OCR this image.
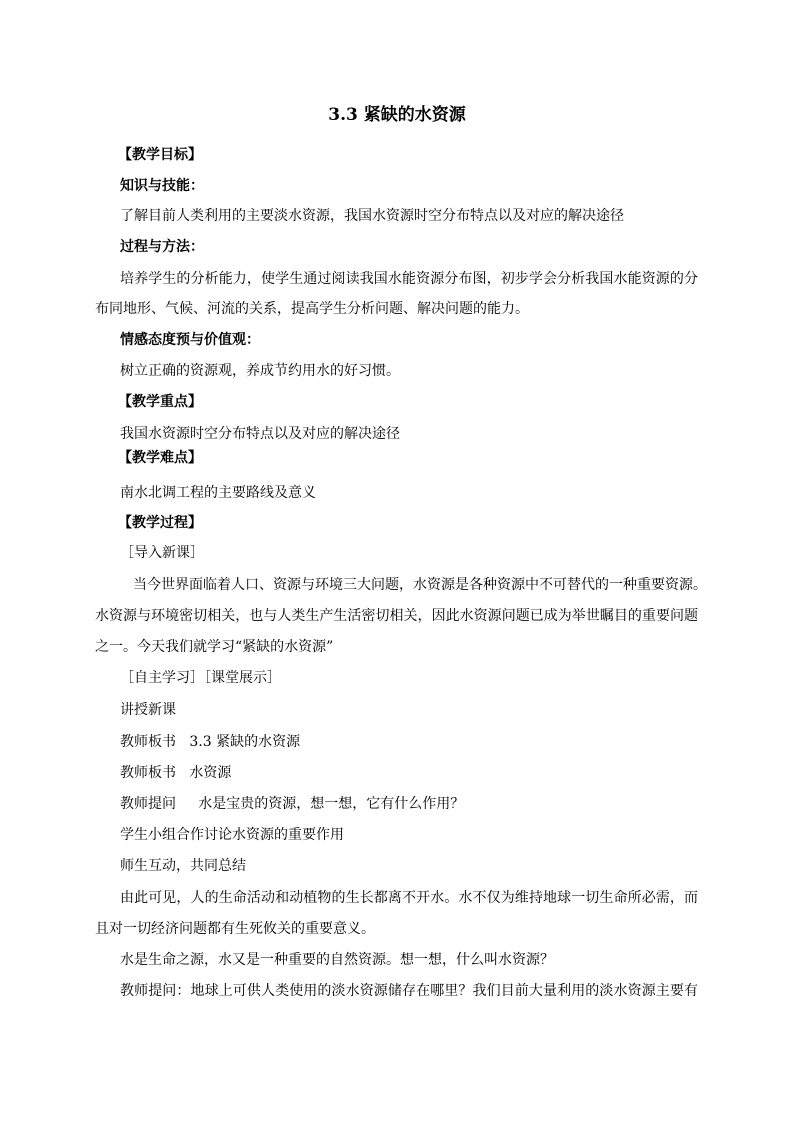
3.3 紧缺的水资源
【教学目标】
知识与技能：
了解目前人类利用的主要淡水资源，我国水资源时空分布特点以及对应的解决途径
过程与方法：
培养学生的分析能力，使学生通过阅读我国水能资源分布图，初步学会分析我国水能资源的分
布同地形、气候、河流的关系，提高学生分析问题、解决问题的能力。
情感态度预与价值观：
树立正确的资源观，养成节约用水的好习惯。
【教学重点】
我国水资源时空分布特点以及对应的解决途径
【教学难点】
南水北调工程的主要路线及意义
【教学过程】
［导入新课］
当今世界面临着人口、资源与环境三大问题，水资源是各种资源中不可替代的一种重要资源。
水资源与环境密切相关，也与人类生产生活密切相关，因此水资源问题已成为举世瞩目的重要问题
之一。今天我们就学习“紧缺的水资源”
［自主学习］［课堂展示］
讲授新课
教师板书   3.3 紧缺的水资源
教师板书   水资源
教师提问     水是宝贵的资源，想一想，它有什么作用？
学生小组合作讨论水资源的重要作用
师生互动，共同总结
由此可见，人的生命活动和动植物的生长都离不开水。水不仅为维持地球一切生命所必需，而
且对一切经济问题都有生死攸关的重要意义。
水是生命之源，水又是一种重要的自然资源。想一想，什么叫水资源？
教师提问：地球上可供人类使用的淡水资源储存在哪里？我们目前大量利用的淡水资源主要有
